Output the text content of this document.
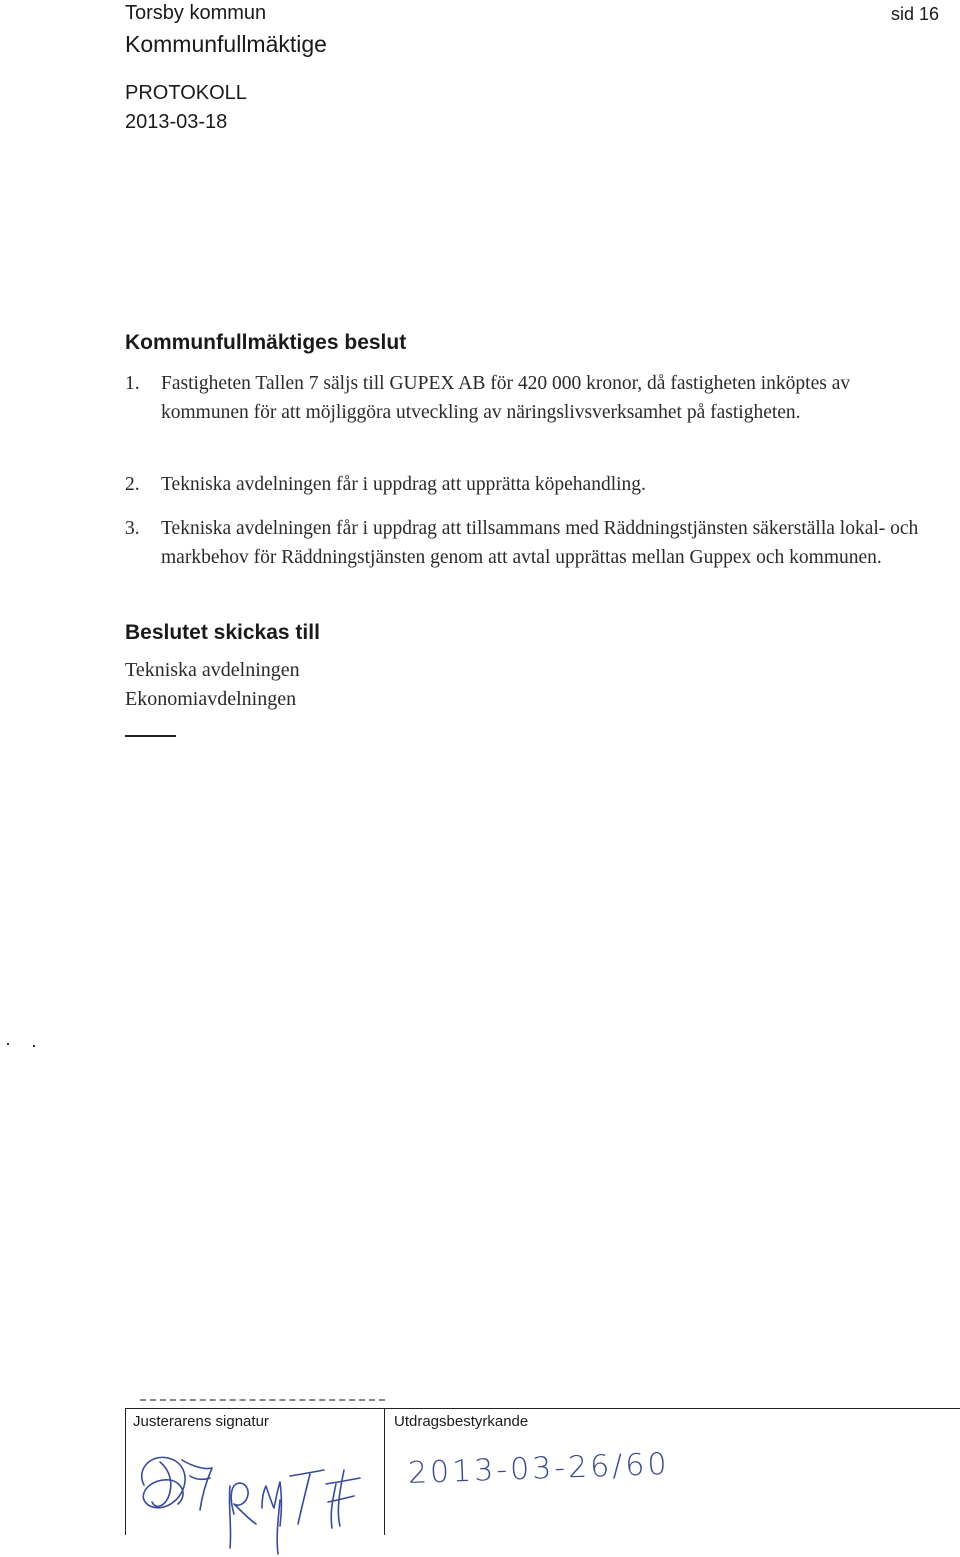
Torsby kommun
Kommunfullmäktige
sid 16
PROTOKOLL
2013-03-18
Kommunfullmäktiges beslut
1.	Fastigheten Tallen 7 säljs till GUPEX AB för 420 000 kronor, då fastigheten inköptes av kommunen för att möjliggöra utveckling av näringslivsverksamhet på fastigheten.
2.	Tekniska avdelningen får i uppdrag att upprätta köpehandling.
3.	Tekniska avdelningen får i uppdrag att tillsammans med Räddningstjänsten säkerställa lokal- och markbehov för Räddningstjänsten genom att avtal upprättas mellan Guppex och kommunen.
Beslutet skickas till
Tekniska avdelningen
Ekonomiavdelningen
Justerarens signatur	Utdragsbestyrkande
2013-03-26/60
